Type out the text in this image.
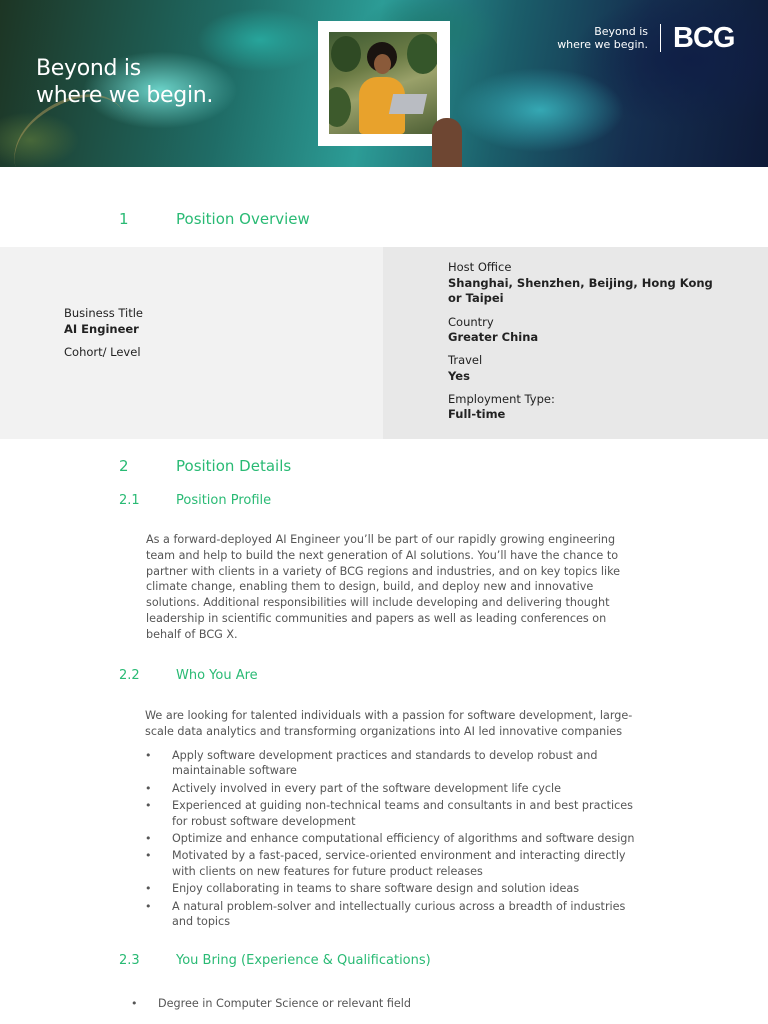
Beyond is
where we begin.

Beyond is
where we begin. BCG

1	Position Overview

Business Title

AI Engineer

Cohort/ Level

Host Office

Shanghai, Shenzhen, Beijing, Hong Kong

or Taipei

Country

Greater China

Travel

Yes

Employment Type:

Full-time

2	Position Details
2.1	Position Profile
As a forward-deployed AI Engineer you’ll be part of our rapidly growing engineering
team and help to build the next generation of AI solutions. You’ll have the chance to
partner with clients in a variety of BCG regions and industries, and on key topics like
climate change, enabling them to design, build, and deploy new and innovative
solutions. Additional responsibilities will include developing and delivering thought
leadership in scientific communities and papers as well as leading conferences on
behalf of BCG X.
2.2	Who You Are
We are looking for talented individuals with a passion for software development, large-
scale data analytics and transforming organizations into AI led innovative companies
• Apply software development practices and standards to develop robust and
maintainable software
• Actively involved in every part of the software development life cycle
• Experienced at guiding non-technical teams and consultants in and best practices
for robust software development
• Optimize and enhance computational efficiency of algorithms and software design
• Motivated by a fast-paced, service-oriented environment and interacting directly
with clients on new features for future product releases
• Enjoy collaborating in teams to share software design and solution ideas
• A natural problem-solver and intellectually curious across a breadth of industries
and topics
2.3	You Bring (Experience & Qualifications)
• Degree in Computer Science or relevant field
